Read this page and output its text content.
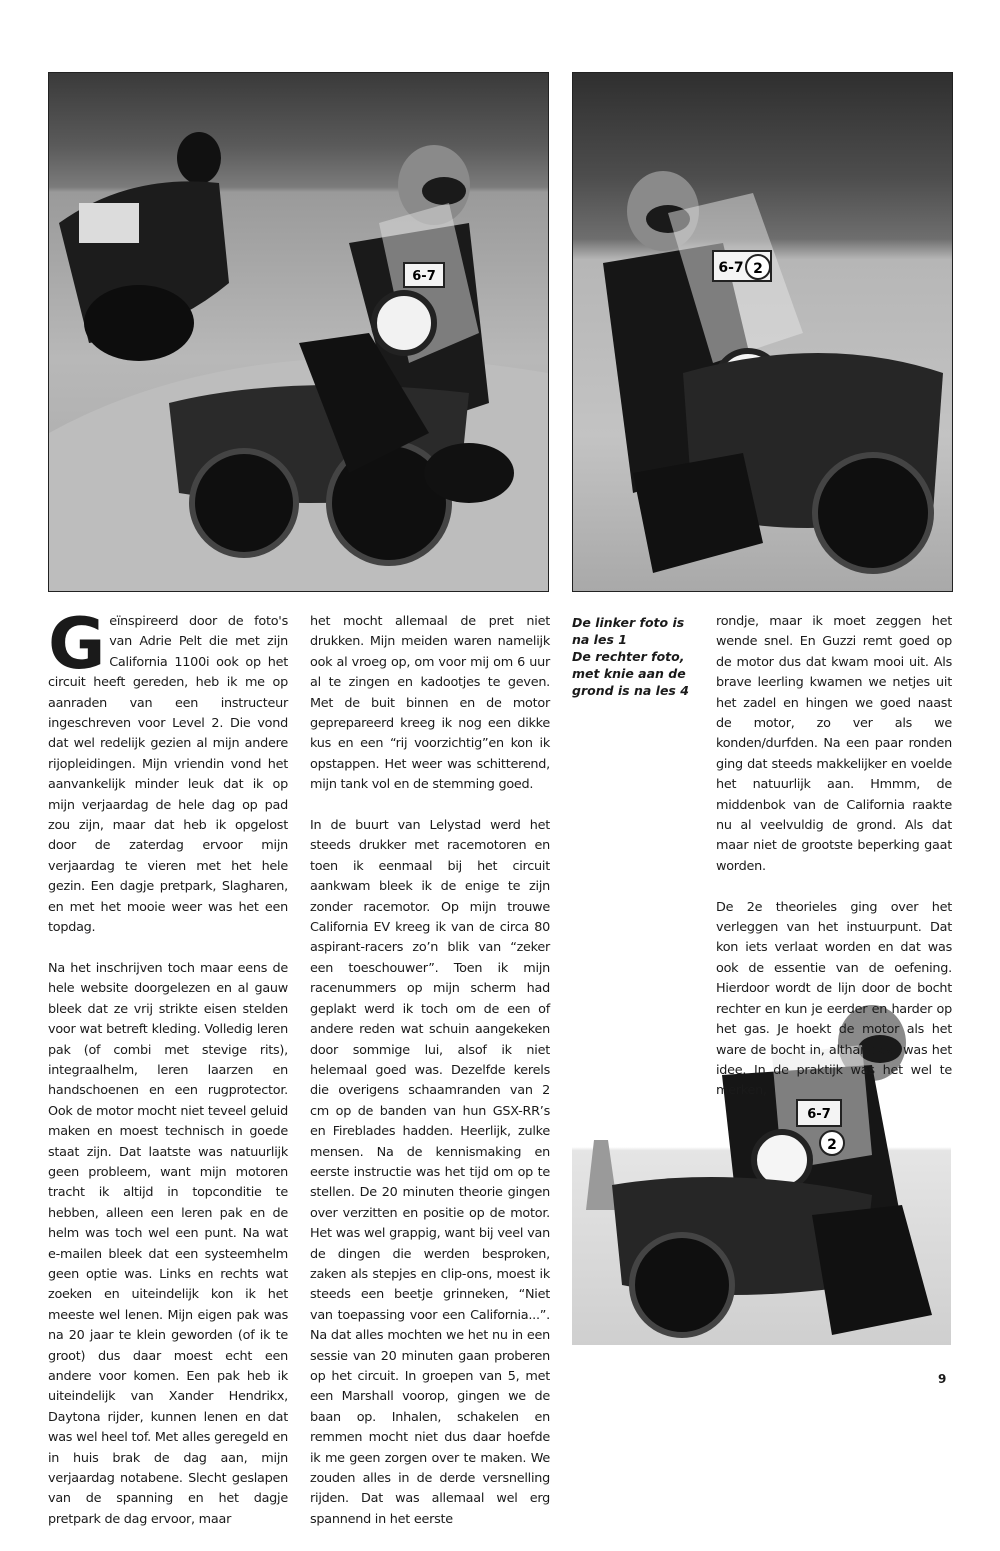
6-7
6-7 2
6-7
2

Geïnspireerd door de foto's van Adrie Pelt die met zijn California 1100i ook op het circuit heeft gereden, heb ik me op aanraden van een instructeur ingeschreven voor Level 2. Die vond dat wel redelijk gezien al mijn andere rijopleidingen. Mijn vriendin vond het aanvankelijk minder leuk dat ik op mijn verjaardag de hele dag op pad zou zijn, maar dat heb ik opgelost door de zaterdag ervoor mijn verjaardag te vieren met het hele gezin. Een dagje pretpark, Slagharen, en met het mooie weer was het een topdag.

Na het inschrijven toch maar eens de hele website doorgelezen en al gauw bleek dat ze vrij strikte eisen stelden voor wat betreft kleding. Volledig leren pak (of combi met stevige rits), integraalhelm, leren laarzen en handschoenen en een rugprotector. Ook de motor mocht niet teveel geluid maken en moest technisch in goede staat zijn. Dat laatste was natuurlijk geen probleem, want mijn motoren tracht ik altijd in topconditie te hebben, alleen een leren pak en de helm was toch wel een punt. Na wat e-mailen bleek dat een systeemhelm geen optie was. Links en rechts wat zoeken en uiteindelijk kon ik het meeste wel lenen. Mijn eigen pak was na 20 jaar te klein geworden (of ik te groot) dus daar moest echt een andere voor komen. Een pak heb ik uiteindelijk van Xander Hendrikx, Daytona rijder, kunnen lenen en dat was wel heel tof. Met alles geregeld en in huis brak de dag aan, mijn verjaardag notabene. Slecht geslapen van de spanning en het dagje pretpark de dag ervoor, maar

het mocht allemaal de pret niet drukken. Mijn meiden waren namelijk ook al vroeg op, om voor mij om 6 uur al te zingen en kadootjes te geven. Met de buit binnen en de motor geprepareerd kreeg ik nog een dikke kus en een “rij voorzichtig”en kon ik opstappen. Het weer was schitterend, mijn tank vol en de stemming goed.

In de buurt van Lelystad werd het steeds drukker met racemotoren en toen ik eenmaal bij het circuit aankwam bleek ik de enige te zijn zonder racemotor. Op mijn trouwe California EV kreeg ik van de circa 80 aspirant-racers zo’n blik van “zeker een toeschouwer”. Toen ik mijn racenummers op mijn scherm had geplakt werd ik toch om de een of andere reden wat schuin aangekeken door sommige lui, alsof ik niet helemaal goed was. Dezelfde kerels die overigens schaamranden van 2 cm op de banden van hun GSX-RR’s en Fireblades hadden. Heerlijk, zulke mensen. Na de kennismaking en eerste instructie was het tijd om op te stellen. De 20 minuten theorie gingen over verzitten en positie op de motor. Het was wel grappig, want bij veel van de dingen die werden besproken, zaken als stepjes en clip-ons, moest ik steeds een beetje grinneken, “Niet van toepassing voor een California...”. Na dat alles mochten we het nu in een sessie van 20 minuten gaan proberen op het circuit. In groepen van 5, met een Marshall voorop, gingen we de baan op. Inhalen, schakelen en remmen mocht niet dus daar hoefde ik me geen zorgen over te maken. We zouden alles in de derde versnelling rijden. Dat was allemaal wel erg spannend in het eerste

De linker foto is na les 1

De rechter foto, met knie aan de grond is na les 4

rondje, maar ik moet zeggen het wende snel. En Guzzi remt goed op de motor dus dat kwam mooi uit. Als brave leerling kwamen we netjes uit het zadel en hingen we goed naast de motor, zo ver als we konden/durfden. Na een paar ronden ging dat steeds makkelijker en voelde het natuurlijk aan. Hmmm, de middenbok van de California raakte nu al veelvuldig de grond. Als dat maar niet de grootste beperking gaat worden.

De 2e theorieles ging over het verleggen van het instuurpunt. Dat kon iets verlaat worden en dat was ook de essentie van de oefening. Hierdoor wordt de lijn door de bocht rechter en kun je eerder en harder op het gas. Je hoekt de motor als het ware de bocht in, althans dat was het idee. In de praktijk was het wel te merken,

9
